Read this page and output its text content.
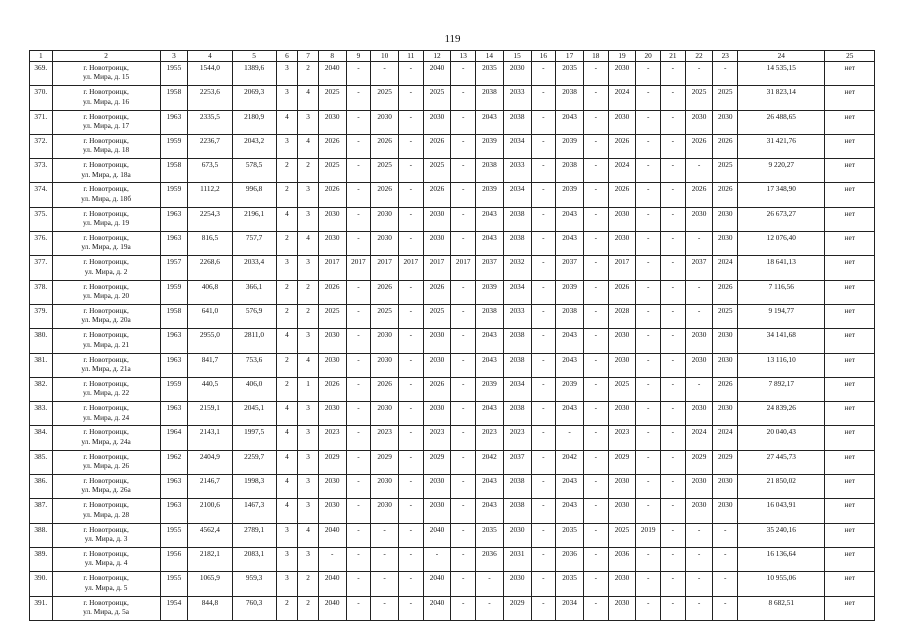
119
1	2	3	4	5	6	7	8	9	10	11	12	13	14	15	16	17	18	19	20	21	22	23	24	25
369.	г. Новотроицк,
ул. Мира, д. 15	1955	1544,0	1389,6	3	2	2040	-	-	-	2040	-	2035	2030	-	2035	-	2030	-	-	-	-	14 535,15	нет
370.	г. Новотроицк,
ул. Мира, д. 16	1958	2253,6	2069,3	3	4	2025	-	2025	-	2025	-	2038	2033	-	2038	-	2024	-	-	2025	2025	31 823,14	нет
371.	г. Новотроицк,
ул. Мира, д. 17	1963	2335,5	2180,9	4	3	2030	-	2030	-	2030	-	2043	2038	-	2043	-	2030	-	-	2030	2030	26 488,65	нет
372.	г. Новотроицк,
ул. Мира, д. 18	1959	2236,7	2043,2	3	4	2026	-	2026	-	2026	-	2039	2034	-	2039	-	2026	-	-	2026	2026	31 421,76	нет
373.	г. Новотроицк,
ул. Мира, д. 18а	1958	673,5	578,5	2	2	2025	-	2025	-	2025	-	2038	2033	-	2038	-	2024	-	-	-	2025	9 220,27	нет
374.	г. Новотроицк,
ул. Мира, д. 18б	1959	1112,2	996,8	2	3	2026	-	2026	-	2026	-	2039	2034	-	2039	-	2026	-	-	2026	2026	17 348,90	нет
375.	г. Новотроицк,
ул. Мира, д. 19	1963	2254,3	2196,1	4	3	2030	-	2030	-	2030	-	2043	2038	-	2043	-	2030	-	-	2030	2030	26 673,27	нет
376.	г. Новотроицк,
ул. Мира, д. 19а	1963	816,5	757,7	2	4	2030	-	2030	-	2030	-	2043	2038	-	2043	-	2030	-	-	-	2030	12 076,40	нет
377.	г. Новотроицк,
ул. Мира, д. 2	1957	2268,6	2033,4	3	3	2017	2017	2017	2017	2017	2017	2037	2032	-	2037	-	2017	-	-	2037	2024	18 641,13	нет
378.	г. Новотроицк,
ул. Мира, д. 20	1959	406,8	366,1	2	2	2026	-	2026	-	2026	-	2039	2034	-	2039	-	2026	-	-	-	2026	7 116,56	нет
379.	г. Новотроицк,
ул. Мира, д. 20а	1958	641,0	576,9	2	2	2025	-	2025	-	2025	-	2038	2033	-	2038	-	2028	-	-	-	2025	9 194,77	нет
380.	г. Новотроицк,
ул. Мира, д. 21	1963	2955,0	2811,0	4	3	2030	-	2030	-	2030	-	2043	2038	-	2043	-	2030	-	-	2030	2030	34 141,68	нет
381.	г. Новотроицк,
ул. Мира, д. 21а	1963	841,7	753,6	2	4	2030	-	2030	-	2030	-	2043	2038	-	2043	-	2030	-	-	2030	2030	13 116,10	нет
382.	г. Новотроицк,
ул. Мира, д. 22	1959	440,5	406,0	2	1	2026	-	2026	-	2026	-	2039	2034	-	2039	-	2025	-	-	-	2026	7 892,17	нет
383.	г. Новотроицк,
ул. Мира, д. 24	1963	2159,1	2045,1	4	3	2030	-	2030	-	2030	-	2043	2038	-	2043	-	2030	-	-	2030	2030	24 839,26	нет
384.	г. Новотроицк,
ул. Мира, д. 24а	1964	2143,1	1997,5	4	3	2023	-	2023	-	2023	-	2023	2023	-	-	-	2023	-	-	2024	2024	20 040,43	нет
385.	г. Новотроицк,
ул. Мира, д. 26	1962	2404,9	2259,7	4	3	2029	-	2029	-	2029	-	2042	2037	-	2042	-	2029	-	-	2029	2029	27 445,73	нет
386.	г. Новотроицк,
ул. Мира, д. 26а	1963	2146,7	1998,3	4	3	2030	-	2030	-	2030	-	2043	2038	-	2043	-	2030	-	-	2030	2030	21 850,02	нет
387.	г. Новотроицк,
ул. Мира, д. 28	1963	2100,6	1467,3	4	3	2030	-	2030	-	2030	-	2043	2038	-	2043	-	2030	-	-	2030	2030	16 043,91	нет
388.	г. Новотроицк,
ул. Мира, д. 3	1955	4562,4	2789,1	3	4	2040	-	-	-	2040	-	2035	2030	-	2035	-	2025	2019	-	-	-	35 240,16	нет
389.	г. Новотроицк,
ул. Мира, д. 4	1956	2182,1	2083,1	3	3	-	-	-	-	-	-	2036	2031	-	2036	-	2036	-	-	-	-	16 136,64	нет
390.	г. Новотроицк,
ул. Мира, д. 5	1955	1065,9	959,3	3	2	2040	-	-	-	2040	-	-	2030	-	2035	-	2030	-	-	-	-	10 955,06	нет
391.	г. Новотроицк,
ул. Мира, д. 5а	1954	844,8	760,3	2	2	2040	-	-	-	2040	-	-	2029	-	2034	-	2030	-	-	-	-	8 682,51	нет
